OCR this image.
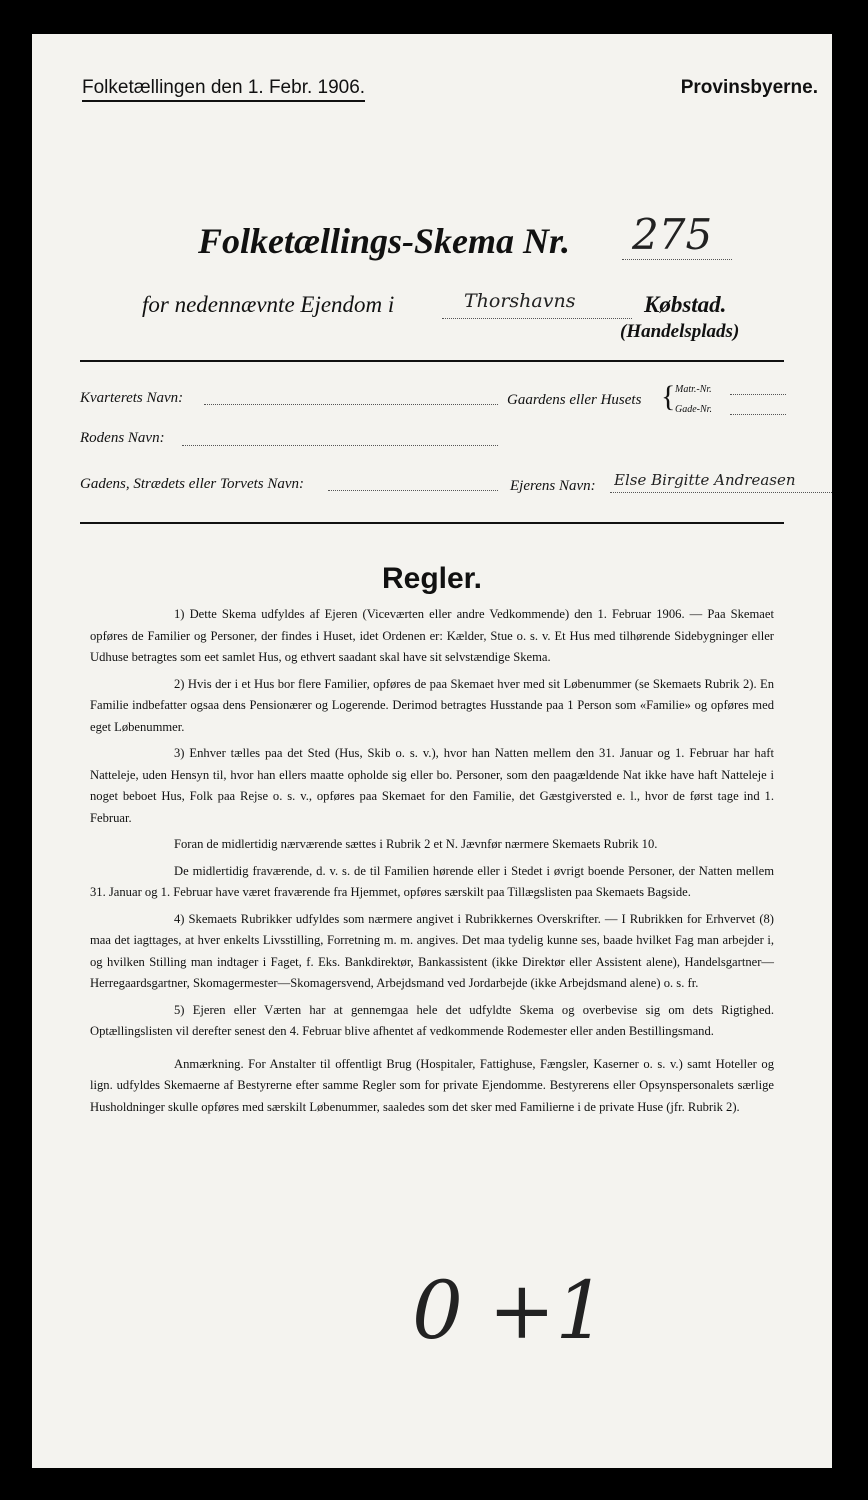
Folketællingen den 1. Febr. 1906.	Provinsbyerne.
Folketællings-Skema Nr. 275
for nedennævnte Ejendom i	Thorshavns	Købstad.
(Handelsplads)
Kvarterets Navn:	Gaardens eller Husets { Matr.-Nr.
Gade-Nr.
Rodens Navn:
Gadens, Strædets eller Torvets Navn:	Ejerens Navn: Else Birgitte Andreasen
Regler.

1) Dette Skema udfyldes af Ejeren (Viceværten eller andre Vedkommende) den 1. Februar 1906. — Paa Skemaet opføres de Familier og Personer, der findes i Huset, idet Ordenen er: Kælder, Stue o. s. v. Et Hus med tilhørende Sidebygninger eller Udhuse betragtes som eet samlet Hus, og ethvert saadant skal have sit selvstændige Skema.

2) Hvis der i et Hus bor flere Familier, opføres de paa Skemaet hver med sit Løbenummer (se Skemaets Rubrik 2). En Familie indbefatter ogsaa dens Pensionærer og Logerende. Derimod betragtes Husstande paa 1 Person som «Familie» og opføres med eget Løbenummer.

3) Enhver tælles paa det Sted (Hus, Skib o. s. v.), hvor han Natten mellem den 31. Januar og 1. Februar har haft Natteleje, uden Hensyn til, hvor han ellers maatte opholde sig eller bo. Personer, som den paagældende Nat ikke have haft Natteleje i noget beboet Hus, Folk paa Rejse o. s. v., opføres paa Skemaet for den Familie, det Gæstgiversted e. l., hvor de først tage ind 1. Februar.

Foran de midlertidig nærværende sættes i Rubrik 2 et N. Jævnfør nærmere Skemaets Rubrik 10.

De midlertidig fraværende, d. v. s. de til Familien hørende eller i Stedet i øvrigt boende Personer, der Natten mellem 31. Januar og 1. Februar have været fraværende fra Hjemmet, opføres særskilt paa Tillægslisten paa Skemaets Bagside.

4) Skemaets Rubrikker udfyldes som nærmere angivet i Rubrikkernes Overskrifter. — I Rubrikken for Erhvervet (8) maa det iagttages, at hver enkelts Livsstilling, Forretning m. m. angives. Det maa tydelig kunne ses, baade hvilket Fag man arbejder i, og hvilken Stilling man indtager i Faget, f. Eks. Bankdirektør, Bankassistent (ikke Direktør eller Assistent alene), Handelsgartner—Herregaardsgartner, Skomagermester—Skomagersvend, Arbejdsmand ved Jordarbejde (ikke Arbejdsmand alene) o. s. fr.

5) Ejeren eller Værten har at gennemgaa hele det udfyldte Skema og overbevise sig om dets Rigtighed. Optællingslisten vil derefter senest den 4. Februar blive afhentet af vedkommende Rodemester eller anden Bestillingsmand.

Anmærkning. For Anstalter til offentligt Brug (Hospitaler, Fattighuse, Fængsler, Kaserner o. s. v.) samt Hoteller og lign. udfyldes Skemaerne af Bestyrerne efter samme Regler som for private Ejendomme. Bestyrerens eller Opsynspersonalets særlige Husholdninger skulle opføres med særskilt Løbenummer, saaledes som det sker med Familierne i de private Huse (jfr. Rubrik 2).

0 +1
